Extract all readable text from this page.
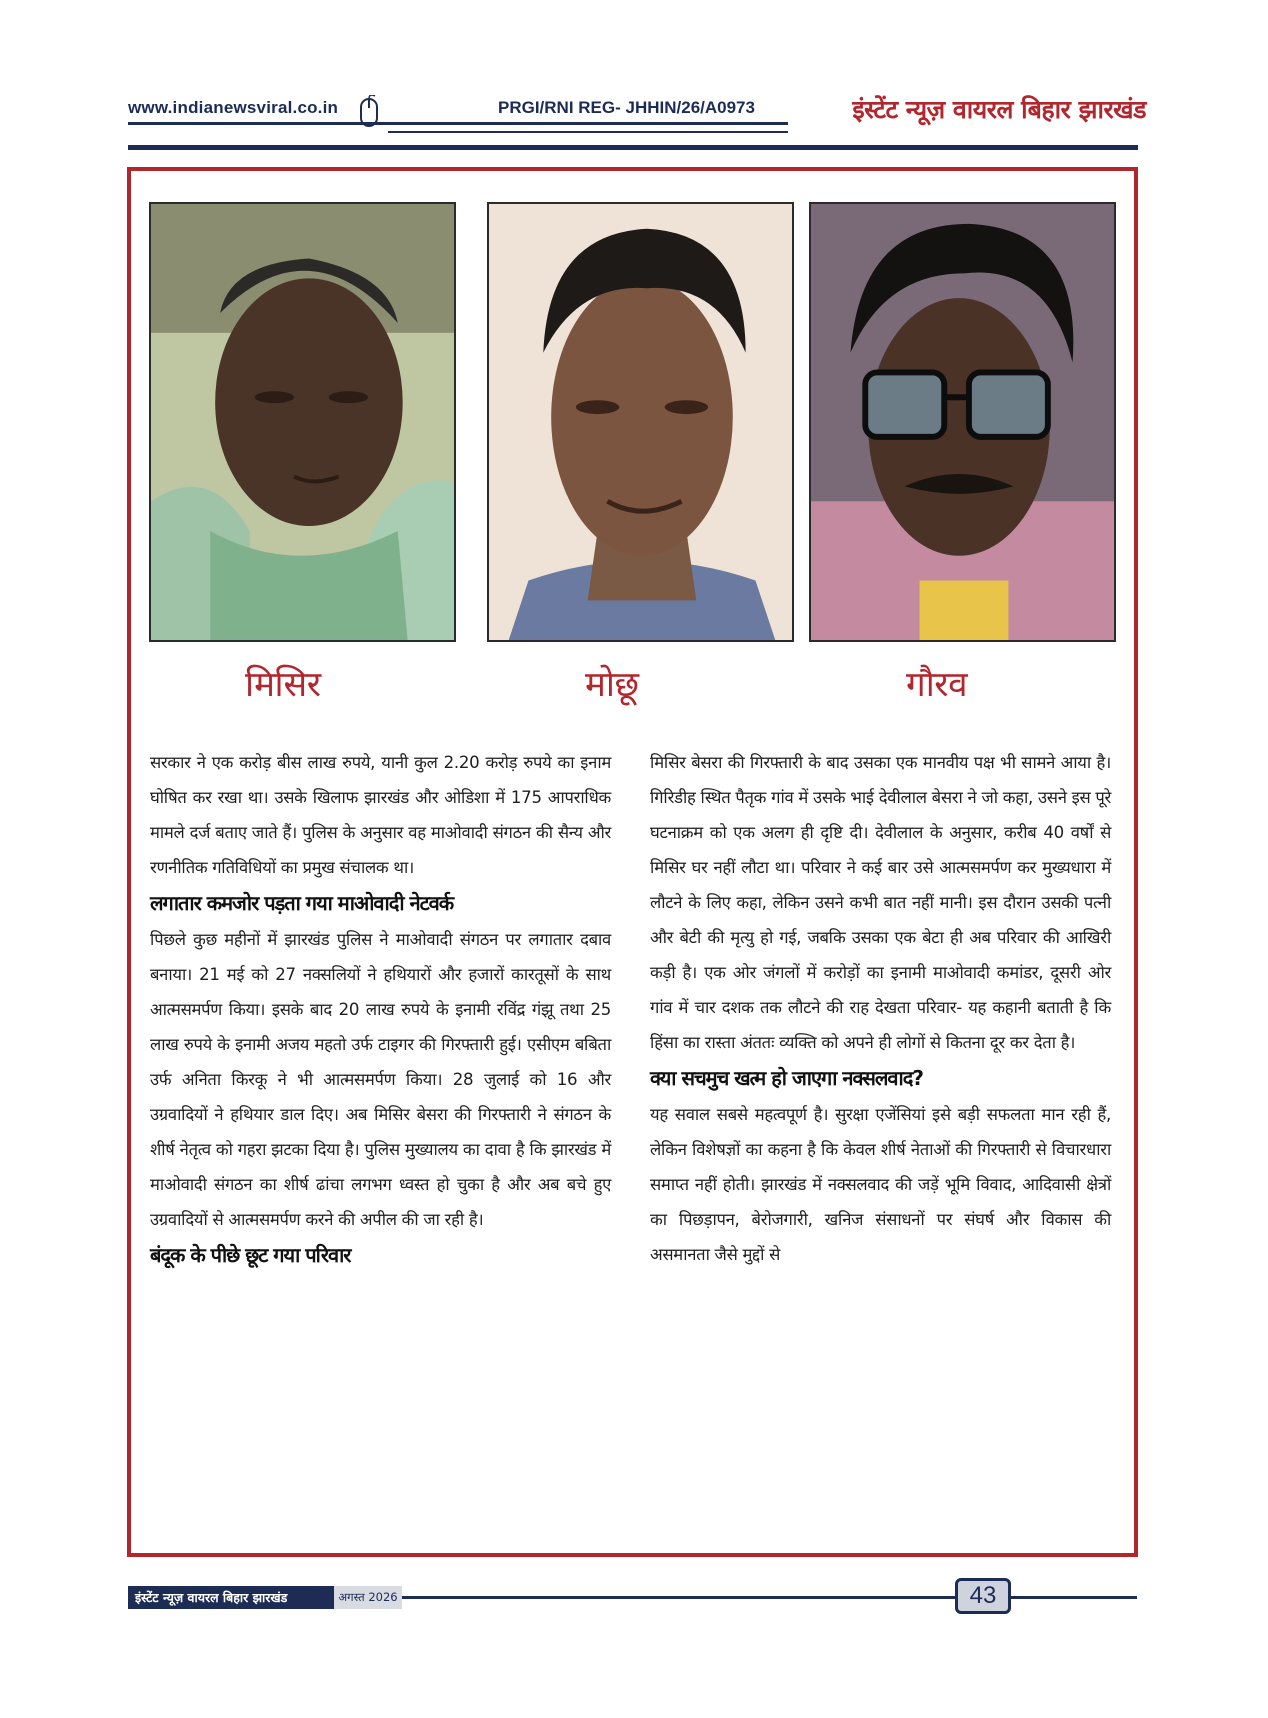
www.indianewsviral.co.in	PRGI/RNI REG- JHHIN/26/A0973	इंस्टेंट न्यूज़ वायरल बिहार झारखंड
मिसिर	मोछू	गौरव

सरकार ने एक करोड़ बीस लाख रुपये, यानी कुल 2.20 करोड़ रुपये का इनाम घोषित कर रखा था। उसके खिलाफ झारखंड और ओडिशा में 175 आपराधिक मामले दर्ज बताए जाते हैं। पुलिस के अनुसार वह माओवादी संगठन की सैन्य और रणनीतिक गतिविधियों का प्रमुख संचालक था।

लगातार कमजोर पड़ता गया माओवादी नेटवर्क

पिछले कुछ महीनों में झारखंड पुलिस ने माओवादी संगठन पर लगातार दबाव बनाया। 21 मई को 27 नक्सलियों ने हथियारों और हजारों कारतूसों के साथ आत्मसमर्पण किया। इसके बाद 20 लाख रुपये के इनामी रविंद्र गंझू तथा 25 लाख रुपये के इनामी अजय महतो उर्फ टाइगर की गिरफ्तारी हुई। एसीएम बबिता उर्फ अनिता किरकू ने भी आत्मसमर्पण किया। 28 जुलाई को 16 और उग्रवादियों ने हथियार डाल दिए। अब मिसिर बेसरा की गिरफ्तारी ने संगठन के शीर्ष नेतृत्व को गहरा झटका दिया है। पुलिस मुख्यालय का दावा है कि झारखंड में माओवादी संगठन का शीर्ष ढांचा लगभग ध्वस्त हो चुका है और अब बचे हुए उग्रवादियों से आत्मसमर्पण करने की अपील की जा रही है।

बंदूक के पीछे छूट गया परिवार

मिसिर बेसरा की गिरफ्तारी के बाद उसका एक मानवीय पक्ष भी सामने आया है। गिरिडीह स्थित पैतृक गांव में उसके भाई देवीलाल बेसरा ने जो कहा, उसने इस पूरे घटनाक्रम को एक अलग ही दृष्टि दी। देवीलाल के अनुसार, करीब 40 वर्षों से मिसिर घर नहीं लौटा था। परिवार ने कई बार उसे आत्मसमर्पण कर मुख्यधारा में लौटने के लिए कहा, लेकिन उसने कभी बात नहीं मानी। इस दौरान उसकी पत्नी और बेटी की मृत्यु हो गई, जबकि उसका एक बेटा ही अब परिवार की आखिरी कड़ी है। एक ओर जंगलों में करोड़ों का इनामी माओवादी कमांडर, दूसरी ओर गांव में चार दशक तक लौटने की राह देखता परिवार- यह कहानी बताती है कि हिंसा का रास्ता अंततः व्यक्ति को अपने ही लोगों से कितना दूर कर देता है।

क्या सचमुच खत्म हो जाएगा नक्सलवाद?

यह सवाल सबसे महत्वपूर्ण है। सुरक्षा एजेंसियां इसे बड़ी सफलता मान रही हैं, लेकिन विशेषज्ञों का कहना है कि केवल शीर्ष नेताओं की गिरफ्तारी से विचारधारा समाप्त नहीं होती। झारखंड में नक्सलवाद की जड़ें भूमि विवाद, आदिवासी क्षेत्रों का पिछड़ापन, बेरोजगारी, खनिज संसाधनों पर संघर्ष और विकास की असमानता जैसे मुद्दों से

इंस्टेंट न्यूज़ वायरल बिहार झारखंड	अगस्त 2026	43
